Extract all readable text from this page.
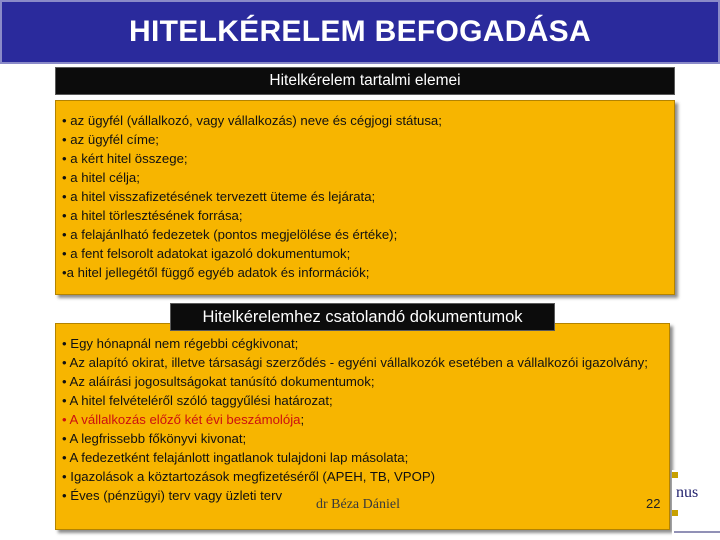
HITELKÉRELEM BEFOGADÁSA
• az ügyfél (vállalkozó, vagy vállalkozás) neve és cégjogi státusa;
• az ügyfél címe;
• a kért hitel összege;
• a hitel célja;
• a hitel visszafizetésének tervezett üteme és lejárata;
• a hitel törlesztésének forrása;
• a felajánlható fedezetek (pontos megjelölése és értéke);
• a fent felsorolt adatokat igazoló dokumentumok;
•a hitel jellegétől függő egyéb adatok és információk;
Hitelkérelem tartalmi elemei
• Egy hónapnál nem régebbi cégkivonat;
• Az alapító okirat, illetve társasági szerződés - egyéni vállalkozók esetében a vállalkozói igazolvány;
• Az aláírási jogosultságokat tanúsító dokumentumok;
• A hitel felvételéről szóló taggyűlési határozat;
• A vállalkozás előző két évi beszámolója;
• A legfrissebb főkönyvi kivonat;
• A fedezetként felajánlott ingatlanok tulajdoni lap másolata;
• Igazolások a köztartozások megfizetéséről (APEH, TB, VPOP)
• Éves (pénzügyi) terv vagy üzleti terv
Hitelkérelemhez csatolandó dokumentumok
nus
dr Béza Dániel	22
